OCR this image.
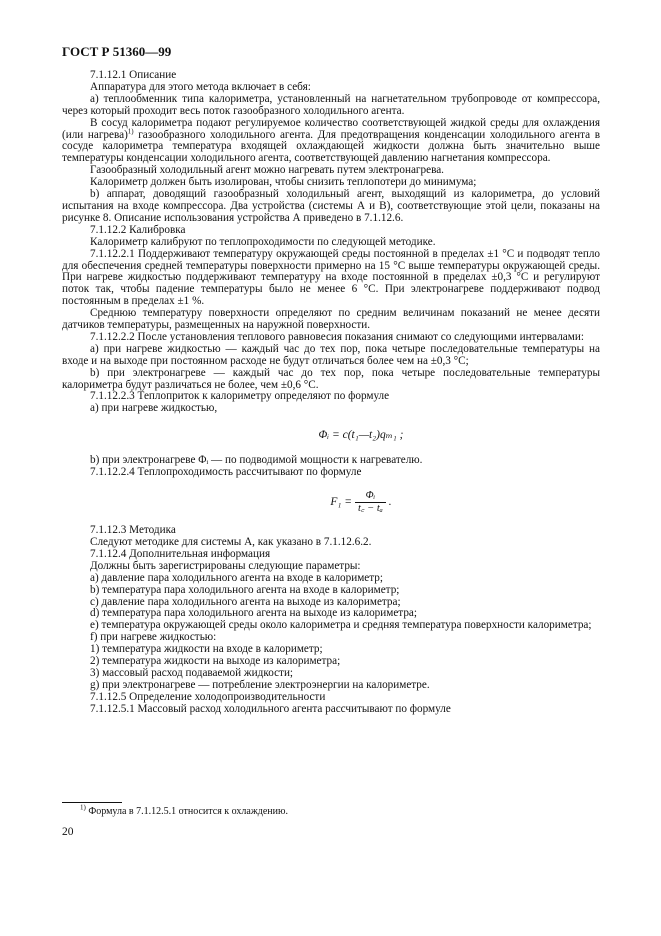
ГОСТ Р 51360—99

7.1.12.1 Описание

Аппаратура для этого метода включает в себя:

а) теплообменник типа калориметра, установленный на нагнетательном трубопроводе от компрессора, через который проходит весь поток газообразного холодильного агента.

В сосуд калориметра подают регулируемое количество соответствующей жидкой среды для охлаждения (или нагрева)$^{1)}$ газообразного холодильного агента. Для предотвращения конденсации холодильного агента в сосуде калориметра температура входящей охлаждающей жидкости должна быть значительно выше температуры конденсации холодильного агента, соответствующей давлению нагнетания компрессора.

Газообразный холодильный агент можно нагревать путем электронагрева.

Калориметр должен быть изолирован, чтобы снизить теплопотери до минимума;

b) аппарат, доводящий газообразный холодильный агент, выходящий из калориметра, до условий испытания на входе компрессора. Два устройства (системы А и В), соответствующие этой цели, показаны на рисунке 8. Описание использования устройства А приведено в 7.1.12.6.

7.1.12.2 Калибровка

Калориметр калибруют по теплопроходимости по следующей методике.

7.1.12.2.1 Поддерживают температуру окружающей среды постоянной в пределах ±1 °С и подводят тепло для обеспечения средней температуры поверхности примерно на 15 °С выше температуры окружающей среды. При нагреве жидкостью поддерживают температуру на входе постоянной в пределах ±0,3 °С и регулируют поток так, чтобы падение температуры было не менее 6 °С. При электронагреве поддерживают подвод постоянным в пределах ±1 %.

Среднюю температуру поверхности определяют по средним величинам показаний не менее десяти датчиков температуры, размещенных на наружной поверхности.

7.1.12.2.2 После установления теплового равновесия показания снимают со следующими интервалами:

а) при нагреве жидкостью — каждый час до тех пор, пока четыре последовательные температуры на входе и на выходе при постоянном расходе не будут отличаться более чем на ±0,3 °С;

b) при электронагреве — каждый час до тех пор, пока четыре последовательные температуры калориметра будут различаться не более, чем ±0,6 °С.

7.1.12.2.3 Теплоприток к калориметру определяют по формуле

а) при нагреве жидкостью,

Φᵢ = c(t₁—t₂)qₘ₁ ;

b) при электронагреве Φᵢ — по подводимой мощности к нагревателю.

7.1.12.2.4 Теплопроходимость рассчитывают по формуле

$F_1 = \frac{\text{Φᵢ}}{\text{t꜀ − tₐ}}$ .

7.1.12.3 Методика

Следуют методике для системы А, как указано в 7.1.12.6.2.

7.1.12.4 Дополнительная информация

Должны быть зарегистрированы следующие параметры:

а) давление пара холодильного агента на входе в калориметр;

b) температура пара холодильного агента на входе в калориметр;

c) давление пара холодильного агента на выходе из калориметра;

d) температура пара холодильного агента на выходе из калориметра;

е) температура окружающей среды около калориметра и средняя температура поверхности калориметра;

f) при нагреве жидкостью:

1) температура жидкости на входе в калориметр;

2) температура жидкости на выходе из калориметра;

3) массовый расход подаваемой жидкости;

g) при электронагреве — потребление электроэнергии на калориметре.

7.1.12.5 Определение холодопроизводительности

7.1.12.5.1 Массовый расход холодильного агента рассчитывают по формуле

$^{1)}$ Формула в 7.1.12.5.1 относится к охлаждению.
20
